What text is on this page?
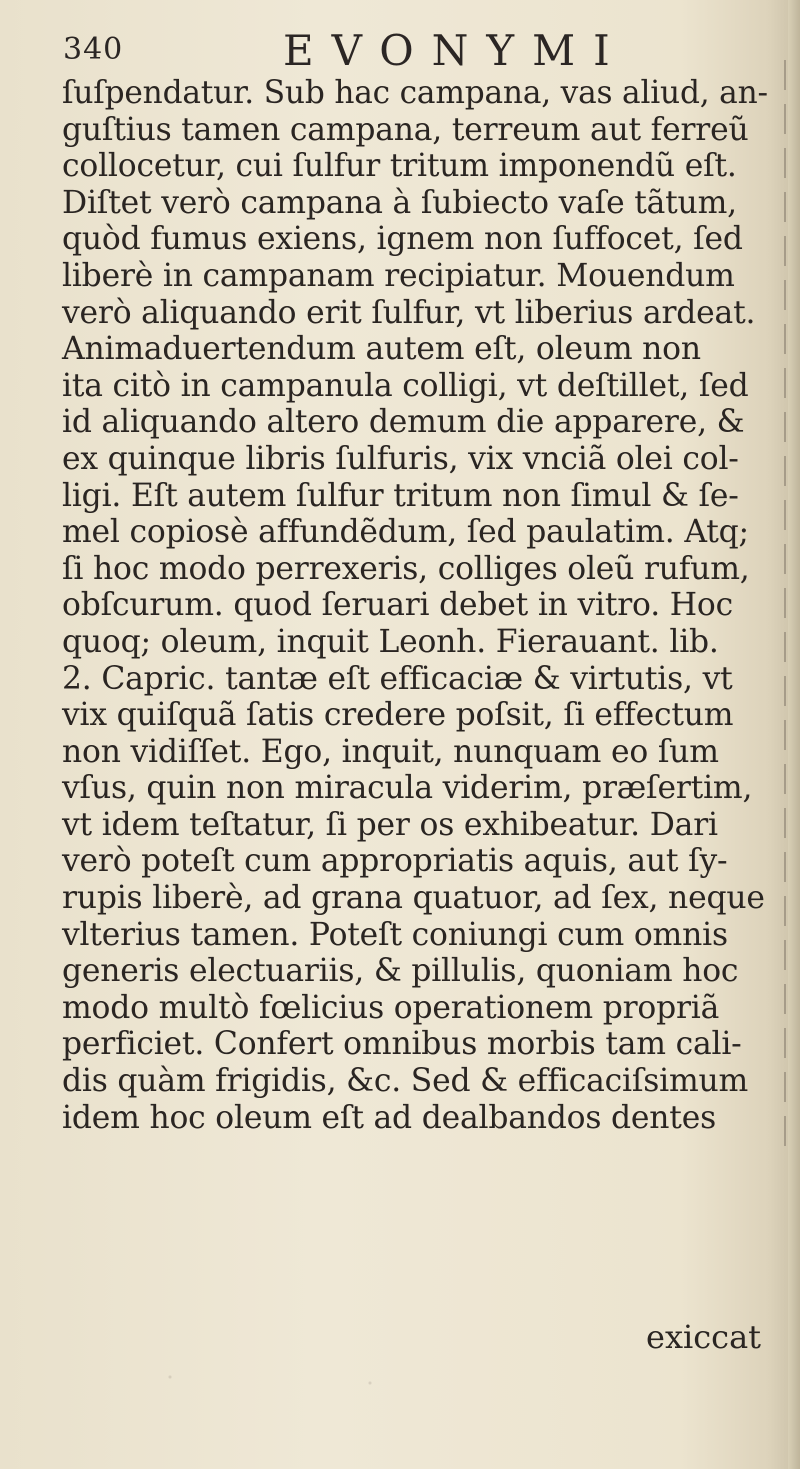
340	EVONYMI
ſuſpendatur. Sub hac campana, vas aliud, an-
guſtius tamen campana, terreum aut ferreũ
collocetur, cui ſulfur tritum imponendũ eſt.
Diſtet verò campana à ſubiecto vaſe tãtum,
quòd fumus exiens, ignem non ſuffocet, ſed
liberè in campanam recipiatur. Mouendum
verò aliquando erit ſulfur, vt liberius ardeat.
Animaduertendum autem eſt, oleum non
ita citò in campanula colligi, vt deſtillet, ſed
id aliquando altero demum die apparere, &
ex quinque libris ſulfuris, vix vnciã olei col-
ligi. Eſt autem ſulfur tritum non ſimul & ſe-
mel copiosè affundẽdum, ſed paulatim. Atq;
ſi hoc modo perrexeris, colliges oleũ rufum,
obſcurum. quod ſeruari debet in vitro. Hoc
quoq; oleum, inquit Leonh. Fierauant. lib.
2. Capric. tantæ eſt efficaciæ & virtutis, vt
vix quiſquã ſatis credere poſsit, ſi effectum
non vidiſſet. Ego, inquit, nunquam eo ſum
vſus, quin non miracula viderim, præſertim,
vt idem teſtatur, ſi per os exhibeatur. Dari
verò poteſt cum appropriatis aquis, aut ſy-
rupis liberè, ad grana quatuor, ad ſex, neque
vlterius tamen. Poteſt coniungi cum omnis
generis electuariis, & pillulis, quoniam hoc
modo multò fœlicius operationem propriã
perficiet. Confert omnibus morbis tam cali-
dis quàm frigidis, &c. Sed & efficaciſsimum
idem hoc oleum eſt ad dealbandos dentes
exiccat
